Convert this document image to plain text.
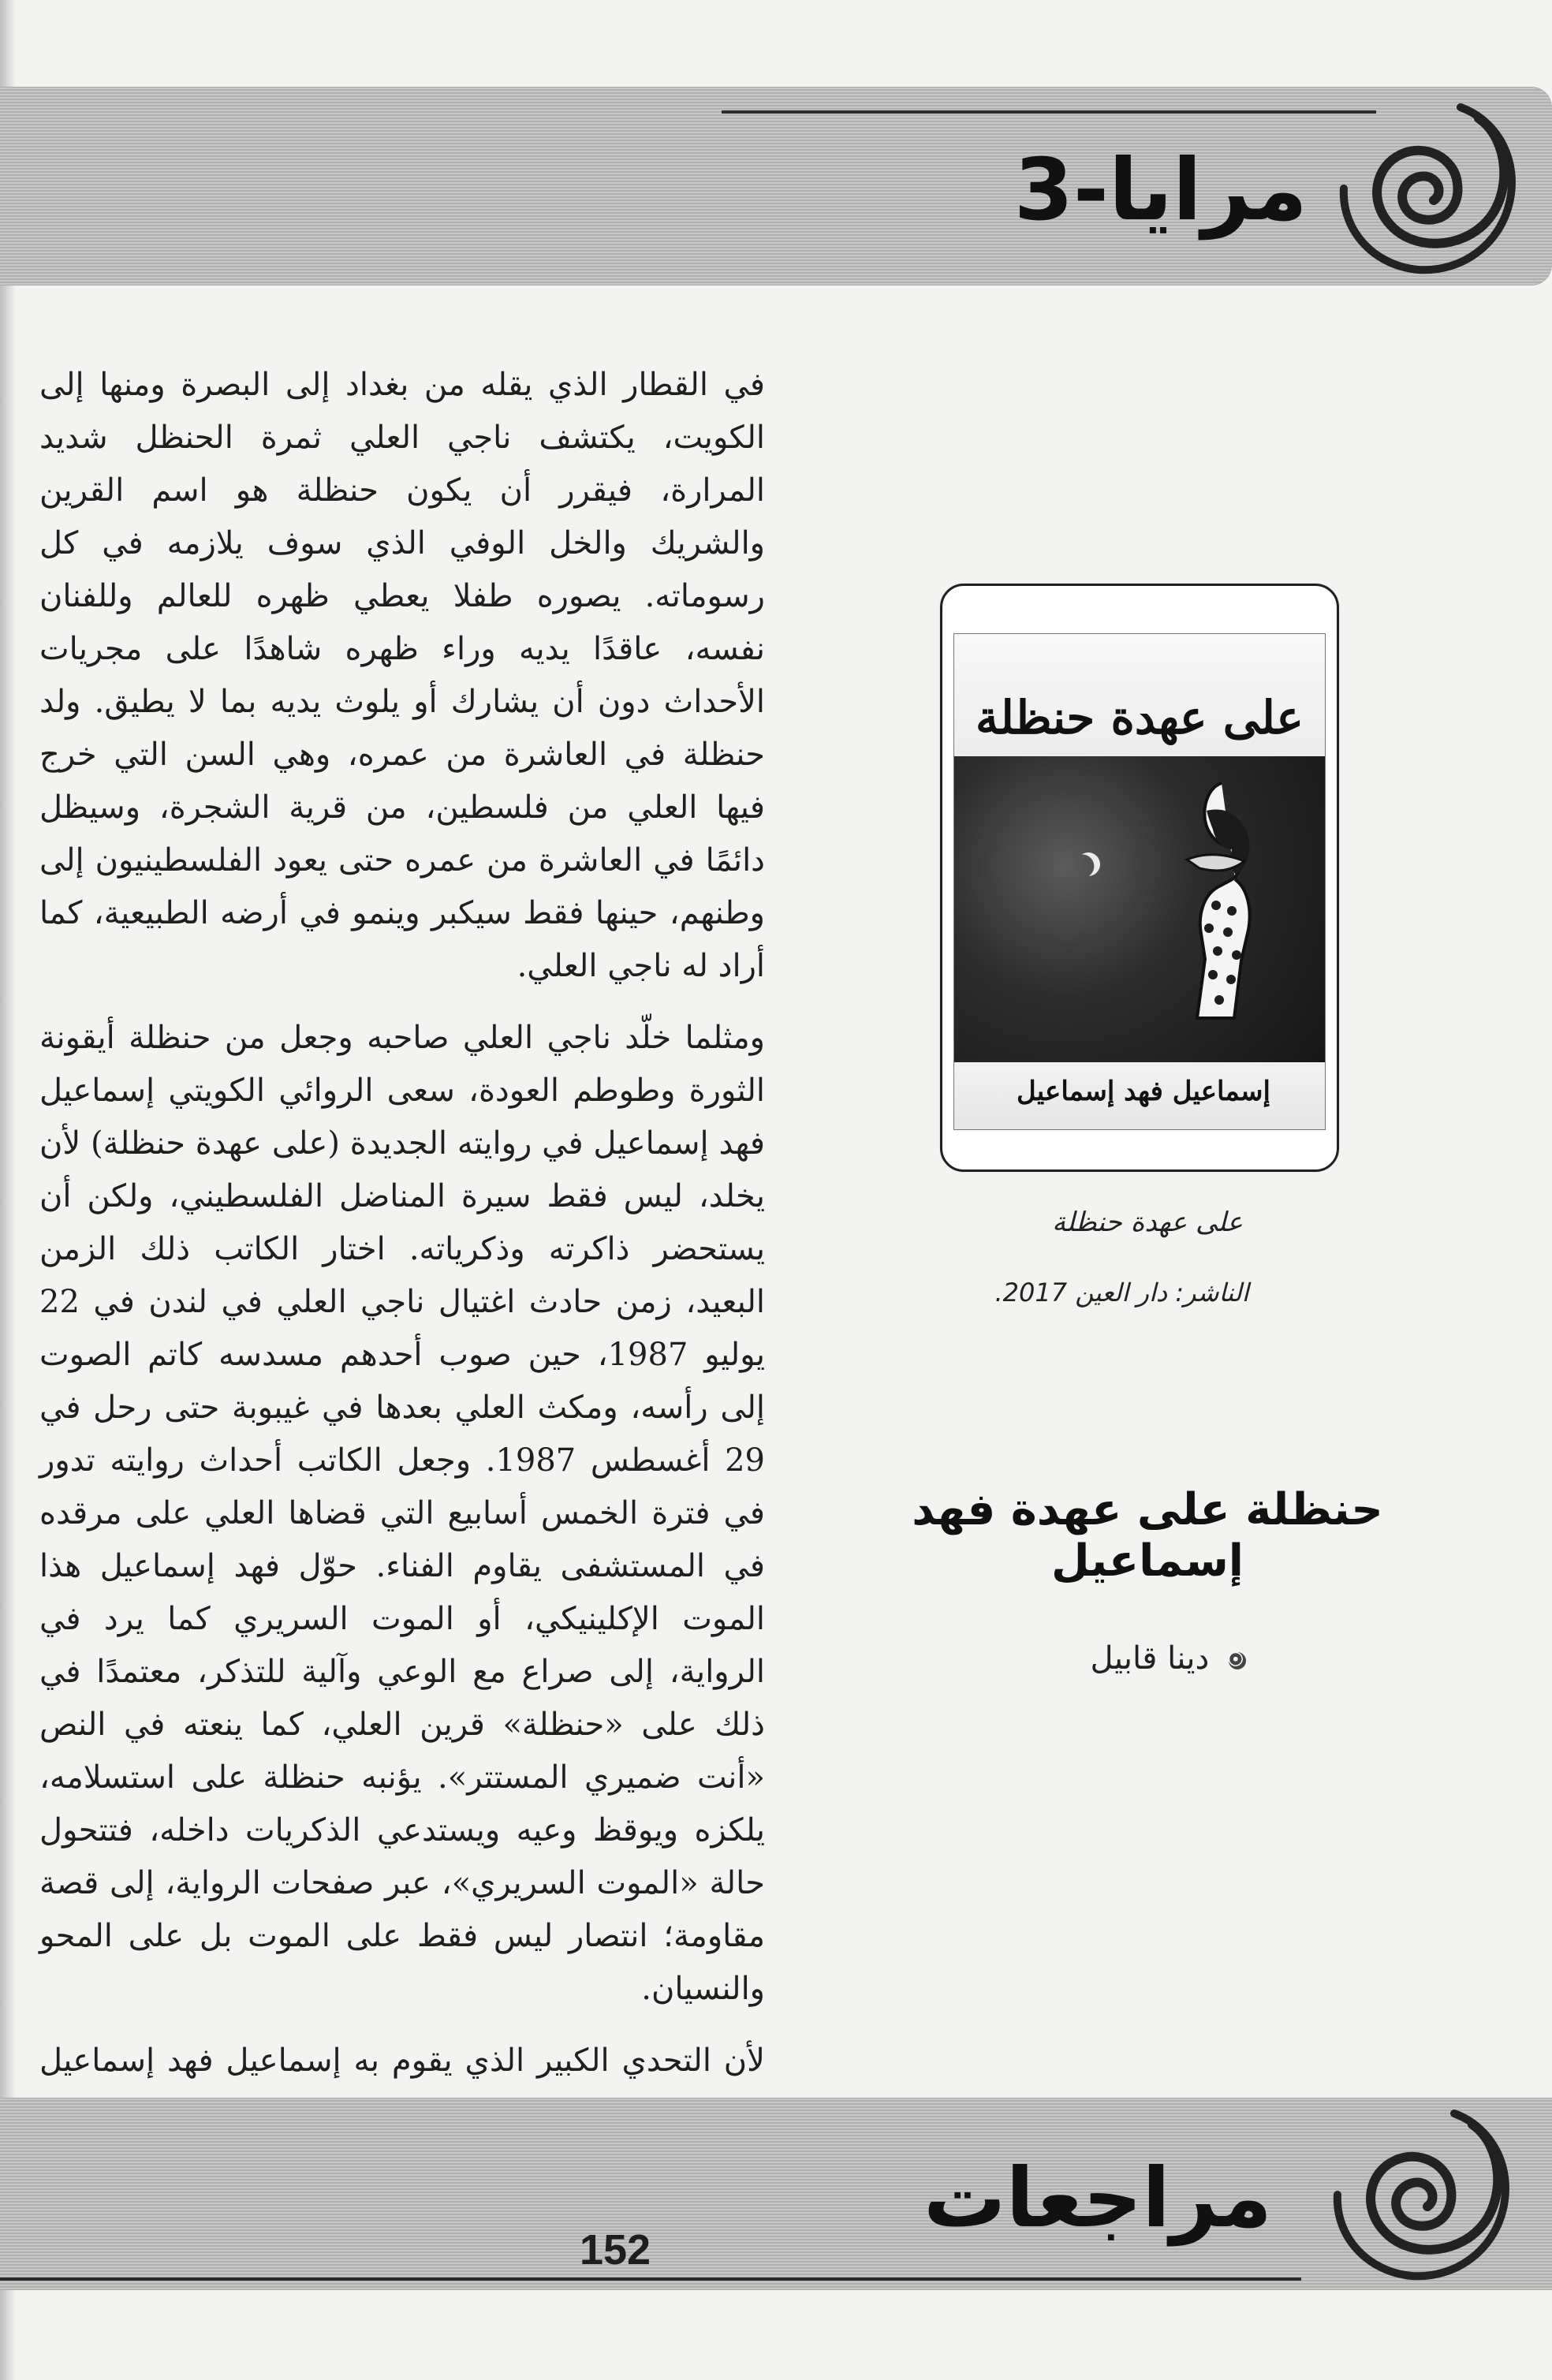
مرايا-3

في القطار الذي يقله من بغداد إلى البصرة ومنها إلى الكويت، يكتشف ناجي العلي ثمرة الحنظل شديد المرارة، فيقرر أن يكون حنظلة هو اسم القرين والشريك والخل الوفي الذي سوف يلازمه في كل رسوماته. يصوره طفلا يعطي ظهره للعالم وللفنان نفسه، عاقدًا يديه وراء ظهره شاهدًا على مجريات الأحداث دون أن يشارك أو يلوث يديه بما لا يطيق. ولد حنظلة في العاشرة من عمره، وهي السن التي خرج فيها العلي من فلسطين، من قرية الشجرة، وسيظل دائمًا في العاشرة من عمره حتى يعود الفلسطينيون إلى وطنهم، حينها فقط سيكبر وينمو في أرضه الطبيعية، كما أراد له ناجي العلي.

ومثلما خلّد ناجي العلي صاحبه وجعل من حنظلة أيقونة الثورة وطوطم العودة، سعى الروائي الكويتي إسماعيل فهد إسماعيل في روايته الجديدة (على عهدة حنظلة) لأن يخلد، ليس فقط سيرة المناضل الفلسطيني، ولكن أن يستحضر ذاكرته وذكرياته. اختار الكاتب ذلك الزمن البعيد، زمن حادث اغتيال ناجي العلي في لندن في 22 يوليو 1987، حين صوب أحدهم مسدسه كاتم الصوت إلى رأسه، ومكث العلي بعدها في غيبوبة حتى رحل في 29 أغسطس 1987. وجعل الكاتب أحداث روايته تدور في فترة الخمس أسابيع التي قضاها العلي على مرقده في المستشفى يقاوم الفناء. حوّل فهد إسماعيل هذا الموت الإكلينيكي، أو الموت السريري كما يرد في الرواية، إلى صراع مع الوعي وآلية للتذكر، معتمدًا في ذلك على «حنظلة» قرين العلي، كما ينعته في النص «أنت ضميري المستتر». يؤنبه حنظلة على استسلامه، يلكزه ويوقظ وعيه ويستدعي الذكريات داخله، فتتحول حالة «الموت السريري»، عبر صفحات الرواية، إلى قصة مقاومة؛ انتصار ليس فقط على الموت بل على المحو والنسيان.

لأن التحدي الكبير الذي يقوم به إسماعيل فهد إسماعيل

على عهدة حنظلة
إسماعيل فهد إسماعيل
على عهدة حنظلة
الناشر: دار العين 2017.
حنظلة على عهدة فهد إسماعيل
دينا قابيل
مراجعات
152
